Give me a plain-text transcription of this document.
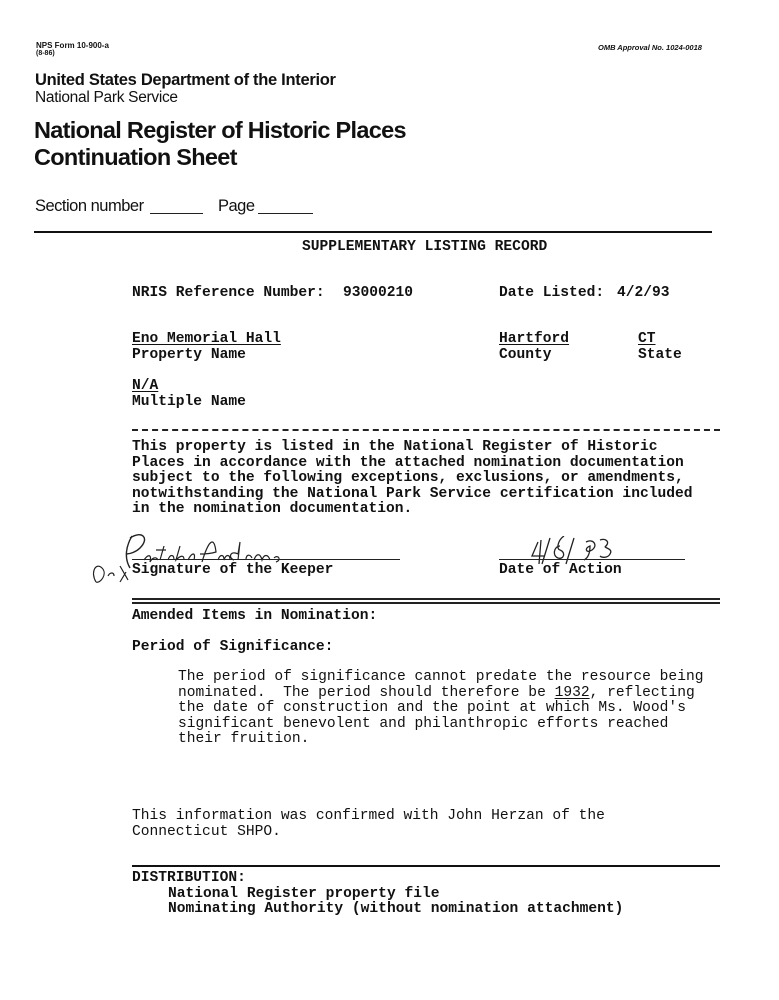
NPS Form 10-900-a
(8-86)
OMB Approval No. 1024-0018
United States Department of the Interior
National Park Service
National Register of Historic Places
Continuation Sheet
Section number	Page
SUPPLEMENTARY LISTING RECORD
NRIS Reference Number: 93000210	Date Listed: 4/2/93
Eno Memorial Hall
Property Name
Hartford
County
CT
State
N/A
Multiple Name
This property is listed in the National Register of Historic
Places in accordance with the attached nomination documentation
subject to the following exceptions, exclusions, or amendments,
notwithstanding the National Park Service certification included
in the nomination documentation.
Signature of the Keeper	Date of Action
Amended Items in Nomination:
Period of Significance:
The period of significance cannot predate the resource being
nominated.  The period should therefore be 1932, reflecting
the date of construction and the point at which Ms. Wood's
significant benevolent and philanthropic efforts reached
their fruition.
This information was confirmed with John Herzan of the
Connecticut SHPO.
DISTRIBUTION:
National Register property file
Nominating Authority (without nomination attachment)
